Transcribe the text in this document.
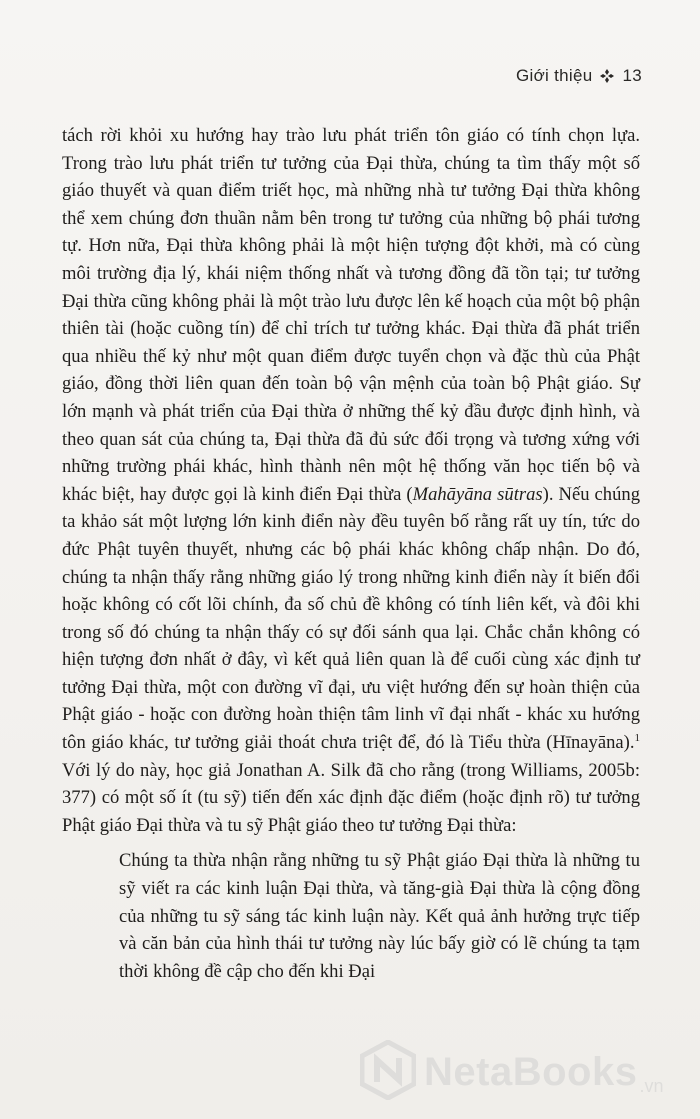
Giới thiệu 13

tách rời khỏi xu hướng hay trào lưu phát triển tôn giáo có tính chọn lựa. Trong trào lưu phát triển tư tưởng của Đại thừa, chúng ta tìm thấy một số giáo thuyết và quan điểm triết học, mà những nhà tư tưởng Đại thừa không thể xem chúng đơn thuần nằm bên trong tư tưởng của những bộ phái tương tự. Hơn nữa, Đại thừa không phải là một hiện tượng đột khởi, mà có cùng môi trường địa lý, khái niệm thống nhất và tương đồng đã tồn tại; tư tưởng Đại thừa cũng không phải là một trào lưu được lên kế hoạch của một bộ phận thiên tài (hoặc cuồng tín) để chỉ trích tư tưởng khác. Đại thừa đã phát triển qua nhiều thế kỷ như một quan điểm được tuyển chọn và đặc thù của Phật giáo, đồng thời liên quan đến toàn bộ vận mệnh của toàn bộ Phật giáo. Sự lớn mạnh và phát triển của Đại thừa ở những thế kỷ đầu được định hình, và theo quan sát của chúng ta, Đại thừa đã đủ sức đối trọng và tương xứng với những trường phái khác, hình thành nên một hệ thống văn học tiến bộ và khác biệt, hay được gọi là kinh điển Đại thừa (Mahāyāna sūtras). Nếu chúng ta khảo sát một lượng lớn kinh điển này đều tuyên bố rằng rất uy tín, tức do đức Phật tuyên thuyết, nhưng các bộ phái khác không chấp nhận. Do đó, chúng ta nhận thấy rằng những giáo lý trong những kinh điển này ít biến đổi hoặc không có cốt lõi chính, đa số chủ đề không có tính liên kết, và đôi khi trong số đó chúng ta nhận thấy có sự đối sánh qua lại. Chắc chắn không có hiện tượng đơn nhất ở đây, vì kết quả liên quan là để cuối cùng xác định tư tưởng Đại thừa, một con đường vĩ đại, ưu việt hướng đến sự hoàn thiện của Phật giáo - hoặc con đường hoàn thiện tâm linh vĩ đại nhất - khác xu hướng tôn giáo khác, tư tưởng giải thoát chưa triệt để, đó là Tiểu thừa (Hīnayāna).$^1$ Với lý do này, học giả Jonathan A. Silk đã cho rằng (trong Williams, 2005b: 377) có một số ít (tu sỹ) tiến đến xác định đặc điểm (hoặc định rõ) tư tưởng Phật giáo Đại thừa và tu sỹ Phật giáo theo tư tưởng Đại thừa:

Chúng ta thừa nhận rằng những tu sỹ Phật giáo Đại thừa là những tu sỹ viết ra các kinh luận Đại thừa, và tăng-già Đại thừa là cộng đồng của những tu sỹ sáng tác kinh luận này. Kết quả ảnh hưởng trực tiếp và căn bản của hình thái tư tưởng này lúc bấy giờ có lẽ chúng ta tạm thời không đề cập cho đến khi Đại

NetaBooks .vn
